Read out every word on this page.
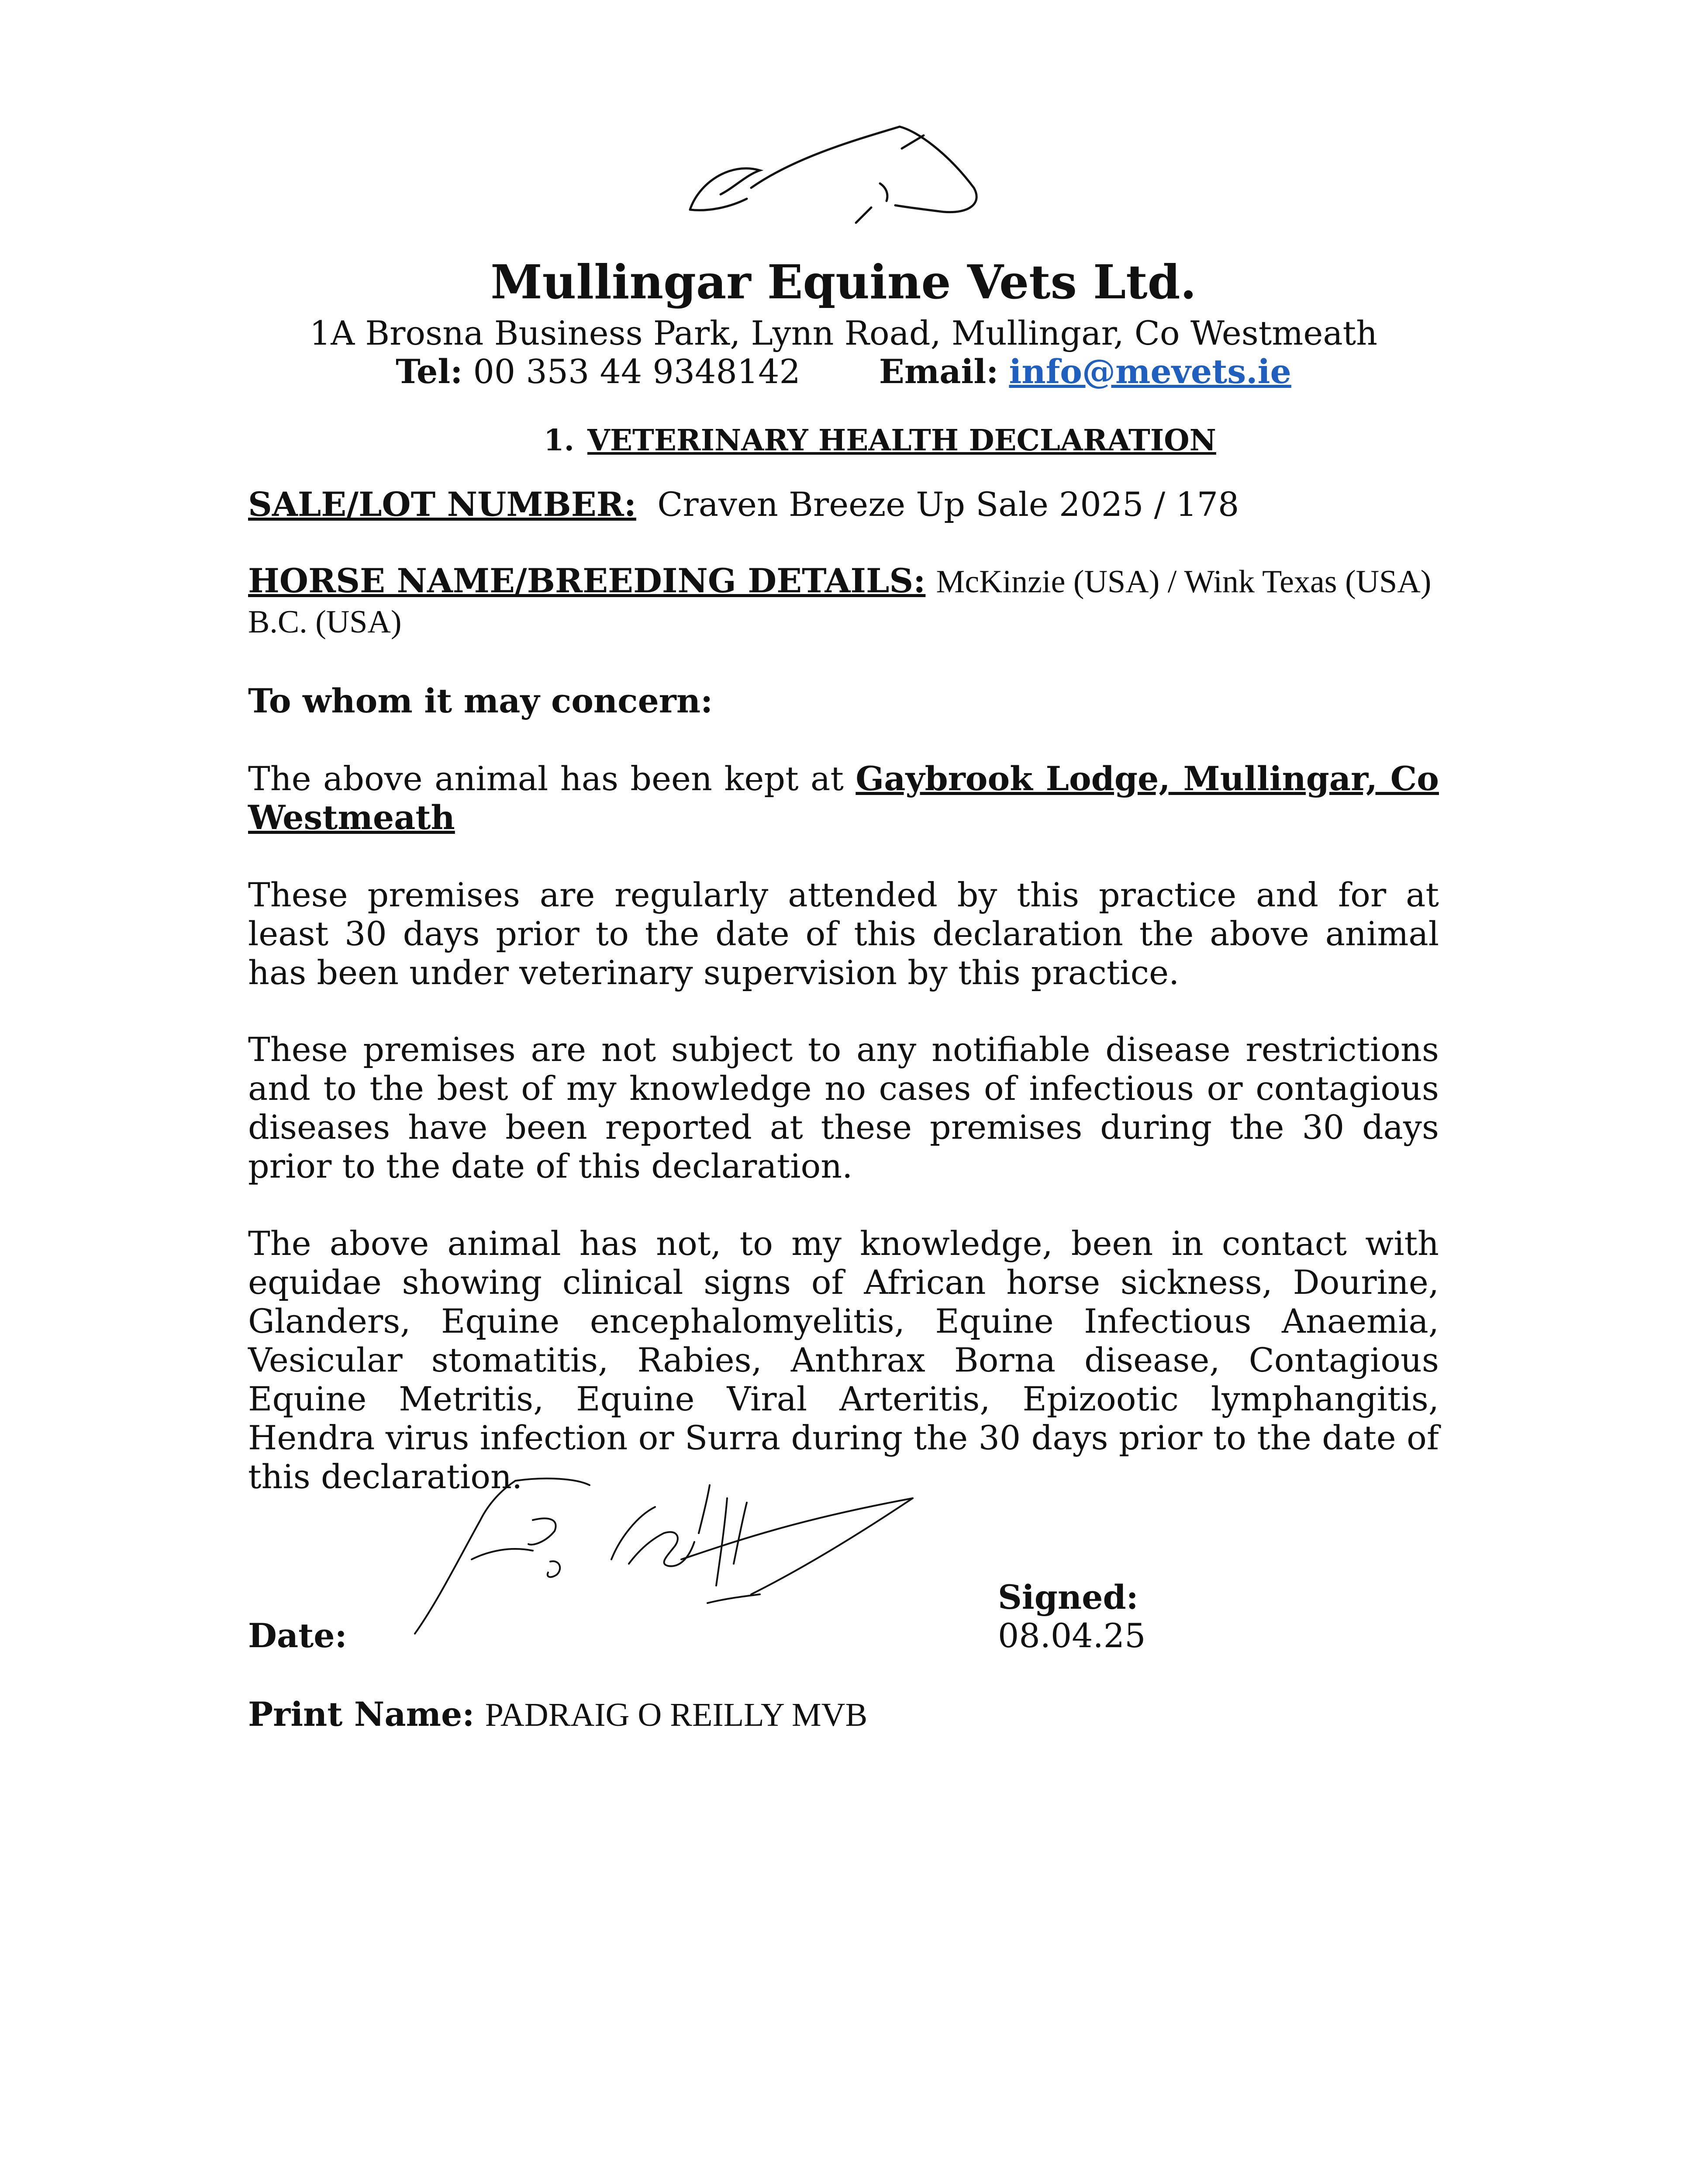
Mullingar Equine Vets Ltd.
1A Brosna Business Park, Lynn Road, Mullingar, Co Westmeath
Tel: 00 353 44 9348142 Email: info@mevets.ie
1. VETERINARY HEALTH DECLARATION
SALE/LOT NUMBER: Craven Breeze Up Sale 2025 / 178
HORSE NAME/BREEDING DETAILS: McKinzie (USA) / Wink Texas (USA)
B.C. (USA)
To whom it may concern:
The above animal has been kept at Gaybrook Lodge, Mullingar, Co
Westmeath
These premises are regularly attended by this practice and for at least 30 days prior to the date of this declaration the above animal has been under veterinary supervision by this practice.
These premises are not subject to any notifiable disease restrictions and to the best of my knowledge no cases of infectious or contagious diseases have been reported at these premises during the 30 days prior to the date of this declaration.
The above animal has not, to my knowledge, been in contact with equidae showing clinical signs of African horse sickness, Dourine, Glanders, Equine encephalomyelitis, Equine Infectious Anaemia, Vesicular stomatitis, Rabies, Anthrax Borna disease, Contagious Equine Metritis, Equine Viral Arteritis, Epizootic lymphangitis, Hendra virus infection or Surra during the 30 days prior to the date of this declaration.
Date:
Signed:
08.04.25
Print Name: PADRAIG O REILLY MVB
